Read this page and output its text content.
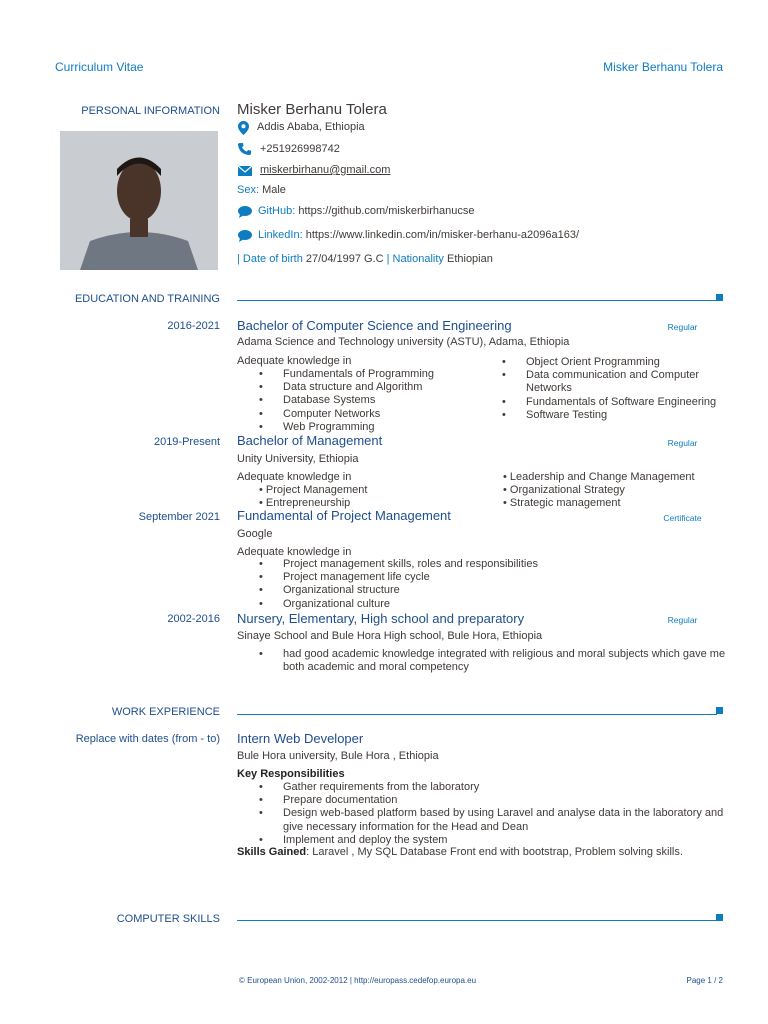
Curriculum Vitae	Misker Berhanu Tolera
PERSONAL INFORMATION Misker Berhanu Tolera
Addis Ababa, Ethiopia
+251926998742
miskerbirhanu@gmail.com
Sex: Male
GitHub: https://github.com/miskerbirhanucse
LinkedIn: https://www.linkedin.com/in/misker-berhanu-a2096a163/
| Date of birth 27/04/1997 G.C | Nationality Ethiopian
EDUCATION AND TRAINING
2016-2021 Bachelor of Computer Science and Engineering	Regular
Adama Science and Technology university (ASTU), Adama, Ethiopia
Adequate knowledge in
• Fundamentals of Programming
• Data structure and Algorithm
• Database Systems
• Computer Networks
• Web Programming
• Object Orient Programming
• Data communication and Computer Networks
• Fundamentals of Software Engineering
• Software Testing
2019-Present Bachelor of Management	Regular
Unity University, Ethiopia
Adequate knowledge in
• Project Management
• Entrepreneurship
• Leadership and Change Management
• Organizational Strategy
• Strategic management
September 2021 Fundamental of Project Management	Certificate
Google
Adequate knowledge in
• Project management skills, roles and responsibilities
• Project management life cycle
• Organizational structure
• Organizational culture
2002-2016 Nursery, Elementary, High school and preparatory	Regular
Sinaye School and Bule Hora High school, Bule Hora, Ethiopia
• had good academic knowledge integrated with religious and moral subjects which gave me both academic and moral competency
WORK EXPERIENCE
Replace with dates (from - to) Intern Web Developer
Bule Hora university, Bule Hora , Ethiopia
Key Responsibilities
• Gather requirements from the laboratory
• Prepare documentation
• Design web-based platform based by using Laravel and analyse data in the laboratory and give necessary information for the Head and Dean
• Implement and deploy the system
Skills Gained: Laravel , My SQL Database Front end with bootstrap, Problem solving skills.
COMPUTER SKILLS
© European Union, 2002-2012 | http://europass.cedefop.europa.eu	Page 1 / 2
